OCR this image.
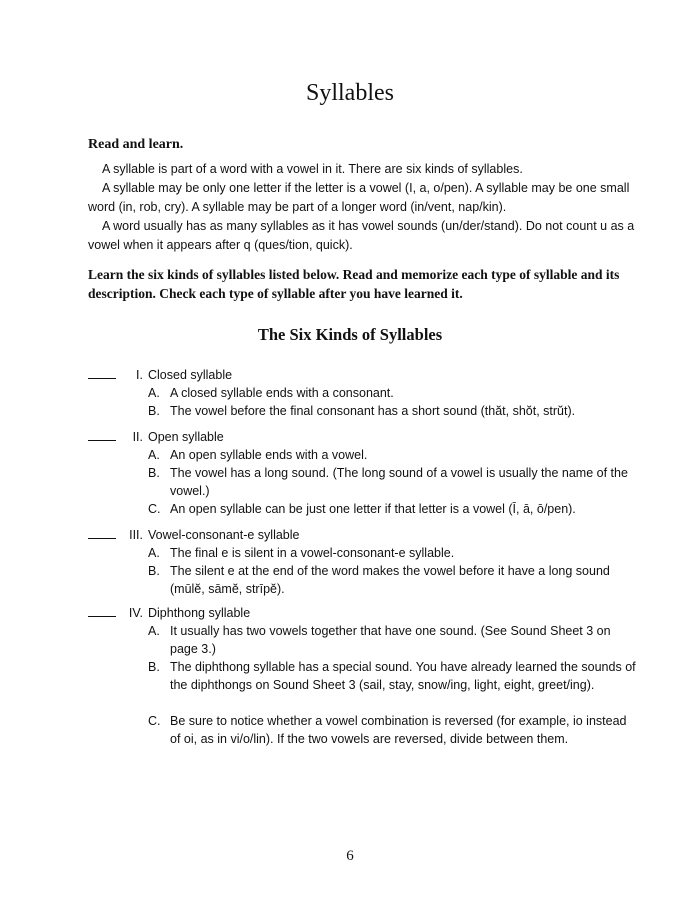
Syllables
Read and learn.

A syllable is part of a word with a vowel in it. There are six kinds of syllables.

A syllable may be only one letter if the letter is a vowel (I, a, o/pen). A syllable may be one small word (in, rob, cry). A syllable may be part of a longer word (in/vent, nap/kin).

A word usually has as many syllables as it has vowel sounds (un/der/stand). Do not count u as a vowel when it appears after q (ques/tion, quick).

Learn the six kinds of syllables listed below. Read and memorize each type of syllable and its description. Check each type of syllable after you have learned it.
The Six Kinds of Syllables
I. Closed syllable
A. A closed syllable ends with a consonant.
B. The vowel before the final consonant has a short sound (thăt, shŏt, strŭt).
II. Open syllable
A. An open syllable ends with a vowel.
B. The vowel has a long sound. (The long sound of a vowel is usually the name of the vowel.)
C. An open syllable can be just one letter if that letter is a vowel (Ī, ā, ō/pen).
III. Vowel-consonant-e syllable
A. The final e is silent in a vowel-consonant-e syllable.
B. The silent e at the end of the word makes the vowel before it have a long sound (mūlĕ, sāmĕ, strīpĕ).
IV. Diphthong syllable
A. It usually has two vowels together that have one sound. (See Sound Sheet 3 on page 3.)
B. The diphthong syllable has a special sound. You have already learned the sounds of the diphthongs on Sound Sheet 3 (sail, stay, snow/ing, light, eight, greet/ing).
C. Be sure to notice whether a vowel combination is reversed (for example, io instead of oi, as in vi/o/lin). If the two vowels are reversed, divide between them.
6
